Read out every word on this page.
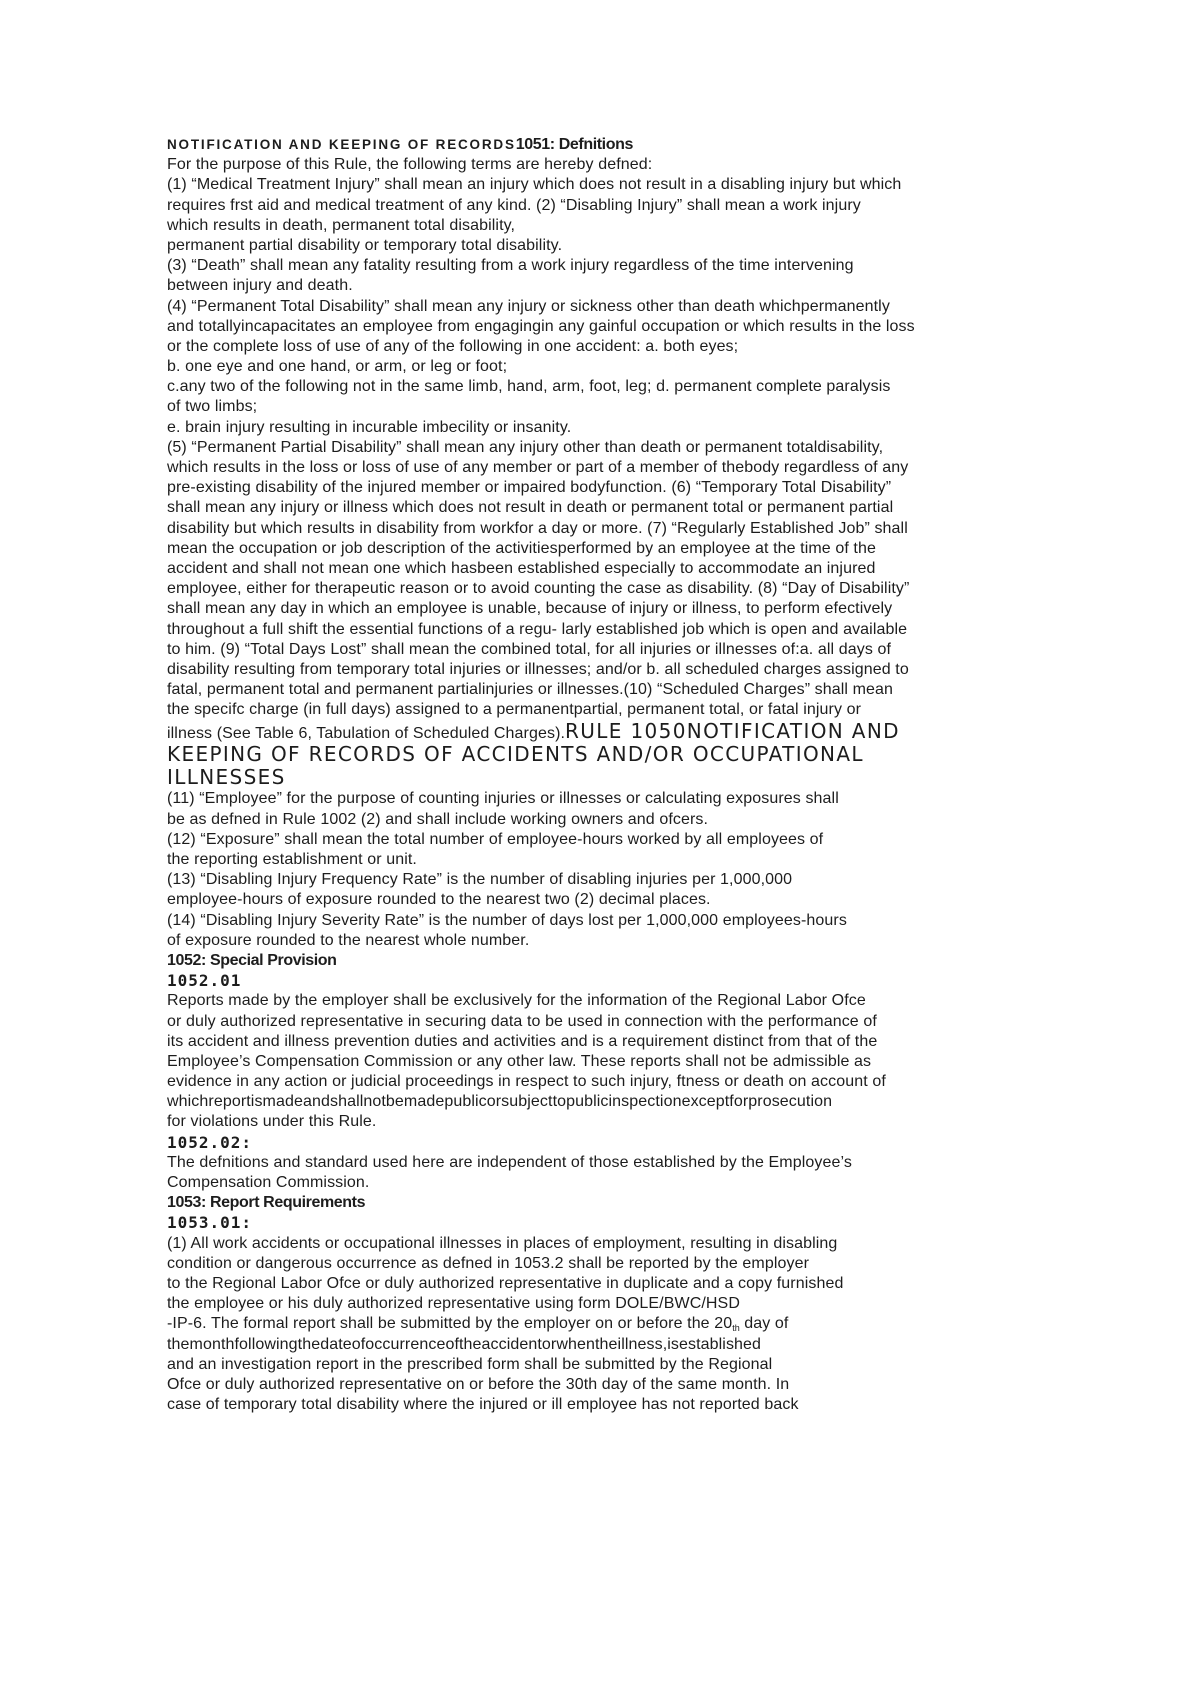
NOTIFICATION AND KEEPING OF RECORDS1051: Defnitions
For the purpose of this Rule, the following terms are hereby defned:
(1) “Medical Treatment Injury” shall mean an injury which does not result in a disabling injury but which
requires frst aid and medical treatment of any kind. (2) “Disabling Injury” shall mean a work injury
which results in death, permanent total disability,
permanent partial disability or temporary total disability.
(3) “Death” shall mean any fatality resulting from a work injury regardless of the time intervening
between injury and death.
(4) “Permanent Total Disability” shall mean any injury or sickness other than death whichpermanently
and totallyincapacitates an employee from engagingin any gainful occupation or which results in the loss
or the complete loss of use of any of the following in one accident: a. both eyes;
b. one eye and one hand, or arm, or leg or foot;
c.any two of the following not in the same limb, hand, arm, foot, leg; d. permanent complete paralysis
of two limbs;
e. brain injury resulting in incurable imbecility or insanity.
(5) “Permanent Partial Disability” shall mean any injury other than death or permanent totaldisability,
which results in the loss or loss of use of any member or part of a member of thebody regardless of any
pre-existing disability of the injured member or impaired bodyfunction. (6) “Temporary Total Disability”
shall mean any injury or illness which does not result in death or permanent total or permanent partial
disability but which results in disability from workfor a day or more. (7) “Regularly Established Job” shall
mean the occupation or job description of the activitiesperformed by an employee at the time of the
accident and shall not mean one which hasbeen established especially to accommodate an injured
employee, either for therapeutic reason or to avoid counting the case as disability. (8) “Day of Disability”
shall mean any day in which an employee is unable, because of injury or illness, to perform efectively
throughout a full shift the essential functions of a regu- larly established job which is open and available
to him. (9) “Total Days Lost” shall mean the combined total, for all injuries or illnesses of:a. all days of
disability resulting from temporary total injuries or illnesses; and/or b. all scheduled charges assigned to
fatal, permanent total and permanent partialinjuries or illnesses.(10) “Scheduled Charges” shall mean
the specifc charge (in full days) assigned to a permanentpartial, permanent total, or fatal injury or
illness (See Table 6, Tabulation of Scheduled Charges).RULE 1050NOTIFICATION AND
KEEPING OF RECORDS OF ACCIDENTS AND/OR OCCUPATIONAL
ILLNESSES
(11) “Employee” for the purpose of counting injuries or illnesses or calculating exposures shall
be as defned in Rule 1002 (2) and shall include working owners and ofcers.
(12) “Exposure” shall mean the total number of employee-hours worked by all employees of
the reporting establishment or unit.
(13) “Disabling Injury Frequency Rate” is the number of disabling injuries per 1,000,000
employee-hours of exposure rounded to the nearest two (2) decimal places.
(14) “Disabling Injury Severity Rate” is the number of days lost per 1,000,000 employees-hours
of exposure rounded to the nearest whole number.
1052: Special Provision
1052.01
Reports made by the employer shall be exclusively for the information of the Regional Labor Ofce
or duly authorized representative in securing data to be used in connection with the performance of
its accident and illness prevention duties and activities and is a requirement distinct from that of the
Employee’s Compensation Commission or any other law. These reports shall not be admissible as
evidence in any action or judicial proceedings in respect to such injury, ftness or death on account of
whichreportismadeandshallnotbemadepublicorsubjecttopublicinspectionexceptforprosecution
for violations under this Rule.
1052.02:
The defnitions and standard used here are independent of those established by the Employee’s
Compensation Commission.
1053: Report Requirements
1053.01:
(1) All work accidents or occupational illnesses in places of employment, resulting in disabling
condition or dangerous occurrence as defned in 1053.2 shall be reported by the employer
to the Regional Labor Ofce or duly authorized representative in duplicate and a copy furnished
the employee or his duly authorized representative using form DOLE/BWC/HSD
-IP-6. The formal report shall be submitted by the employer on or before the 20th day of
themonthfollowingthedateofoccurrenceoftheaccidentorwhentheillness,isestablished
and an investigation report in the prescribed form shall be submitted by the Regional
Ofce or duly authorized representative on or before the 30th day of the same month. In
case of temporary total disability where the injured or ill employee has not reported back
